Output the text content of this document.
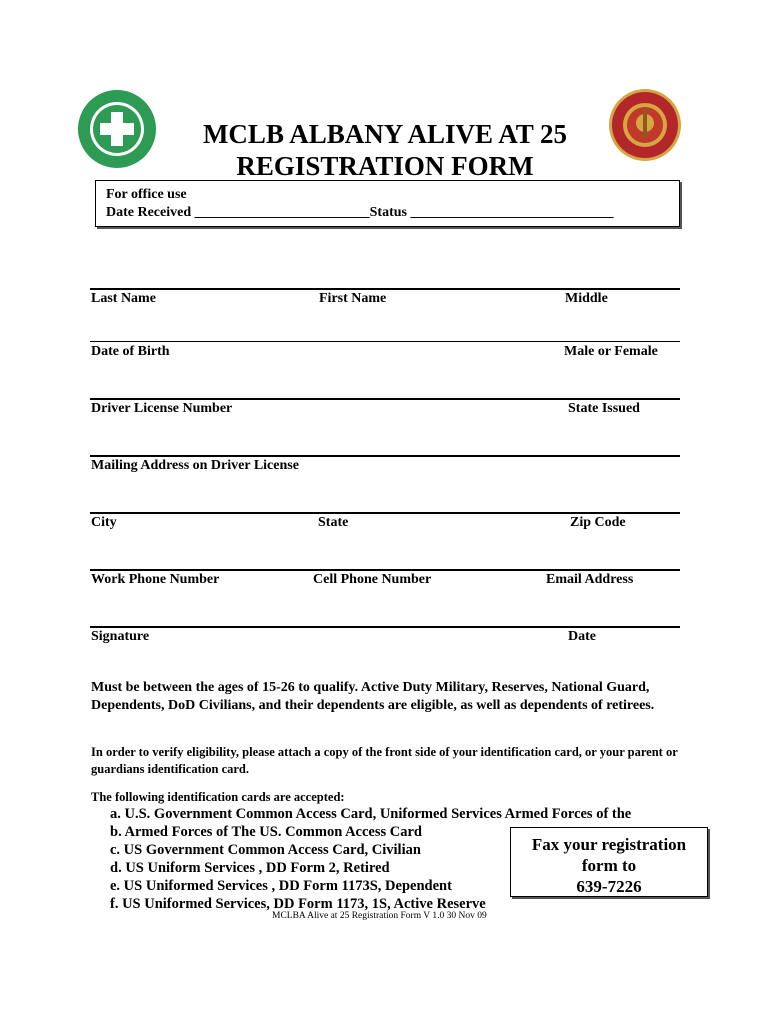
MCLB ALBANY ALIVE AT 25
REGISTRATION FORM
For office use
Date Received _________________________Status _____________________________
Last Name	First Name	Middle
Date of Birth	Male or Female
Driver License Number	State Issued
Mailing Address on Driver License
City	State	Zip Code
Work Phone Number	Cell Phone Number	Email Address
Signature	Date
Must be between the ages of 15-26 to qualify. Active Duty Military, Reserves, National Guard, Dependents, DoD Civilians, and their dependents are eligible, as well as dependents of retirees.
In order to verify eligibility, please attach a copy of the front side of your identification card, or your parent or guardians identification card.
The following identification cards are accepted:
a. U.S. Government Common Access Card, Uniformed Services Armed Forces of the
b. Armed Forces of The US. Common Access Card
c. US Government Common Access Card, Civilian
d. US Uniform Services , DD Form 2, Retired
e. US Uniformed Services , DD Form 1173S, Dependent
f. US Uniformed Services, DD Form 1173, 1S, Active Reserve
Fax your registration
form to
639-7226
MCLBA Alive at 25 Registration Form V 1.0 30 Nov 09
